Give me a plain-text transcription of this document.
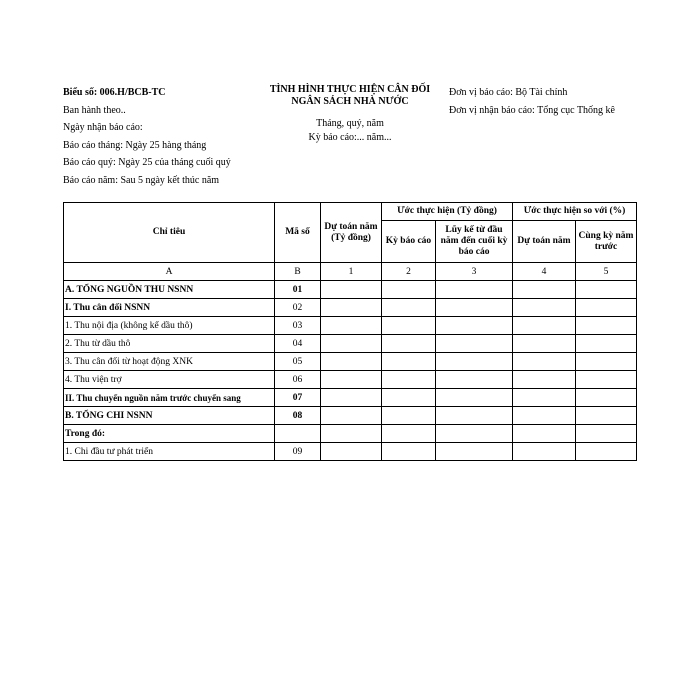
Biểu số: 006.H/BCB-TC
Ban hành theo..
Ngày nhận báo cáo:
Báo cáo tháng: Ngày 25 hàng tháng
Báo cáo quý: Ngày 25 của tháng cuối quý
Báo cáo năm: Sau 5 ngày kết thúc năm
TÌNH HÌNH THỰC HIỆN CÂN ĐỐI
NGÂN SÁCH NHÀ NƯỚC
Tháng, quý, năm
Kỳ báo cáo:... năm...
Đơn vị báo cáo: Bộ Tài chính
Đơn vị nhận báo cáo: Tổng cục Thống kê
Chỉ tiêu	Mã số	Dự toán năm (Tỷ đồng)	Ước thực hiện (Tỷ đồng)		Ước thực hiện so với (%)	
			Kỳ báo cáo	Lũy kế từ đầu năm đến cuối kỳ báo cáo	Dự toán năm	Cùng kỳ năm trước
A	B	1	2	3	4	5
A. TỔNG NGUỒN THU NSNN	01					
I. Thu cân đối NSNN	02					
1. Thu nội địa (không kể dầu thô)	03					
2. Thu từ dầu thô	04					
3. Thu cân đối từ hoạt động XNK	05					
4. Thu viện trợ	06					
II. Thu chuyển nguồn năm trước chuyển sang	07					
B. TỔNG CHI NSNN	08					
Trong đó:						
1. Chi đầu tư phát triển	09					
